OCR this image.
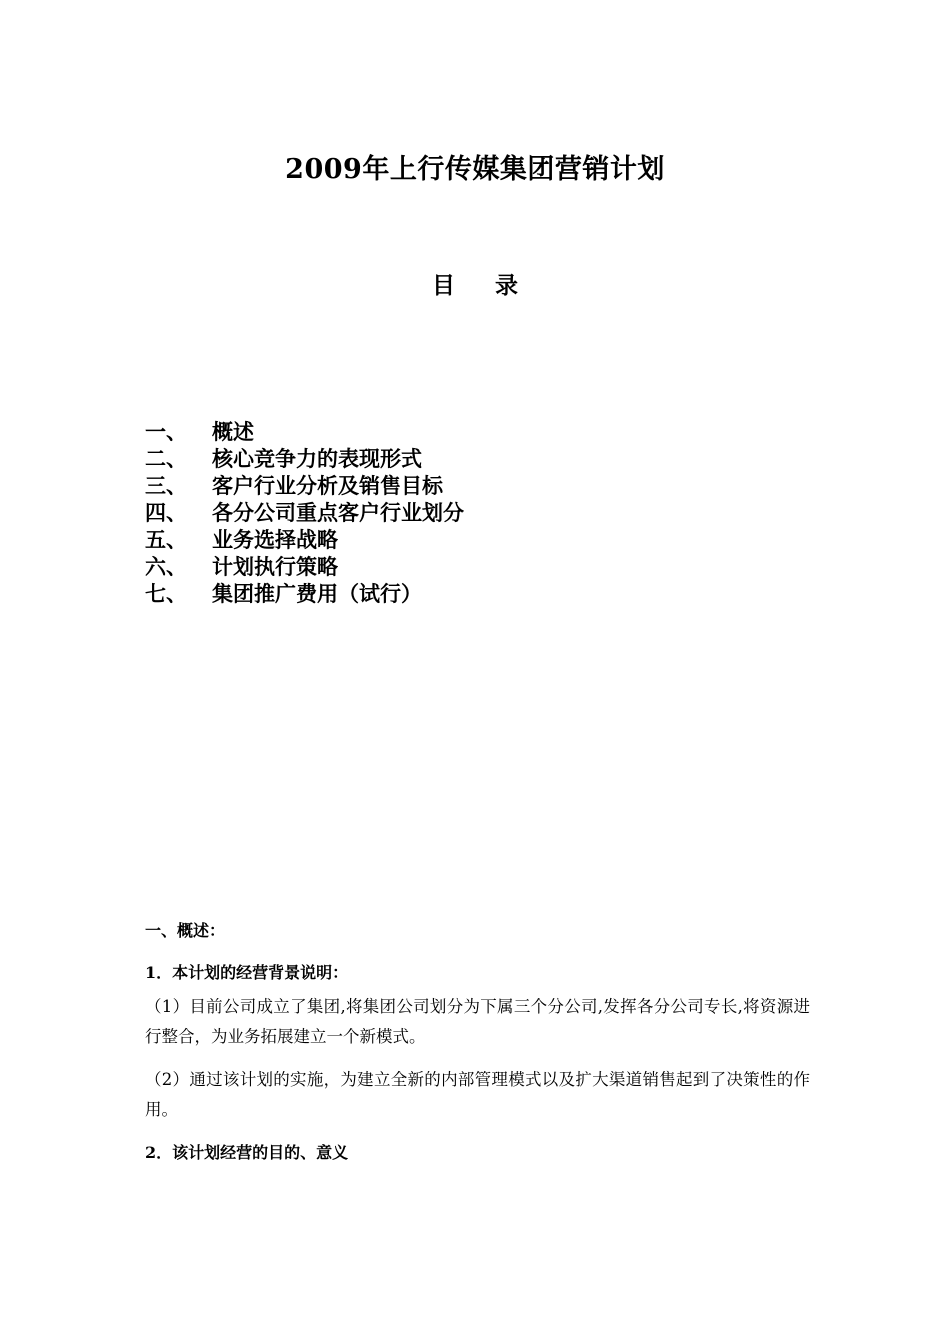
2009年上行传媒集团营销计划
目 录
一、 概述
二、 核心竞争力的表现形式
三、 客户行业分析及销售目标
四、 各分公司重点客户行业划分
五、 业务选择战略
六、 计划执行策略
七、 集团推广费用（试行）
一、概述：
1．本计划的经营背景说明：
（1）目前公司成立了集团,将集团公司划分为下属三个分公司,发挥各分公司专长,将资源进行整合，为业务拓展建立一个新模式。
（2）通过该计划的实施，为建立全新的内部管理模式以及扩大渠道销售起到了决策性的作用。
2．该计划经营的目的、意义
